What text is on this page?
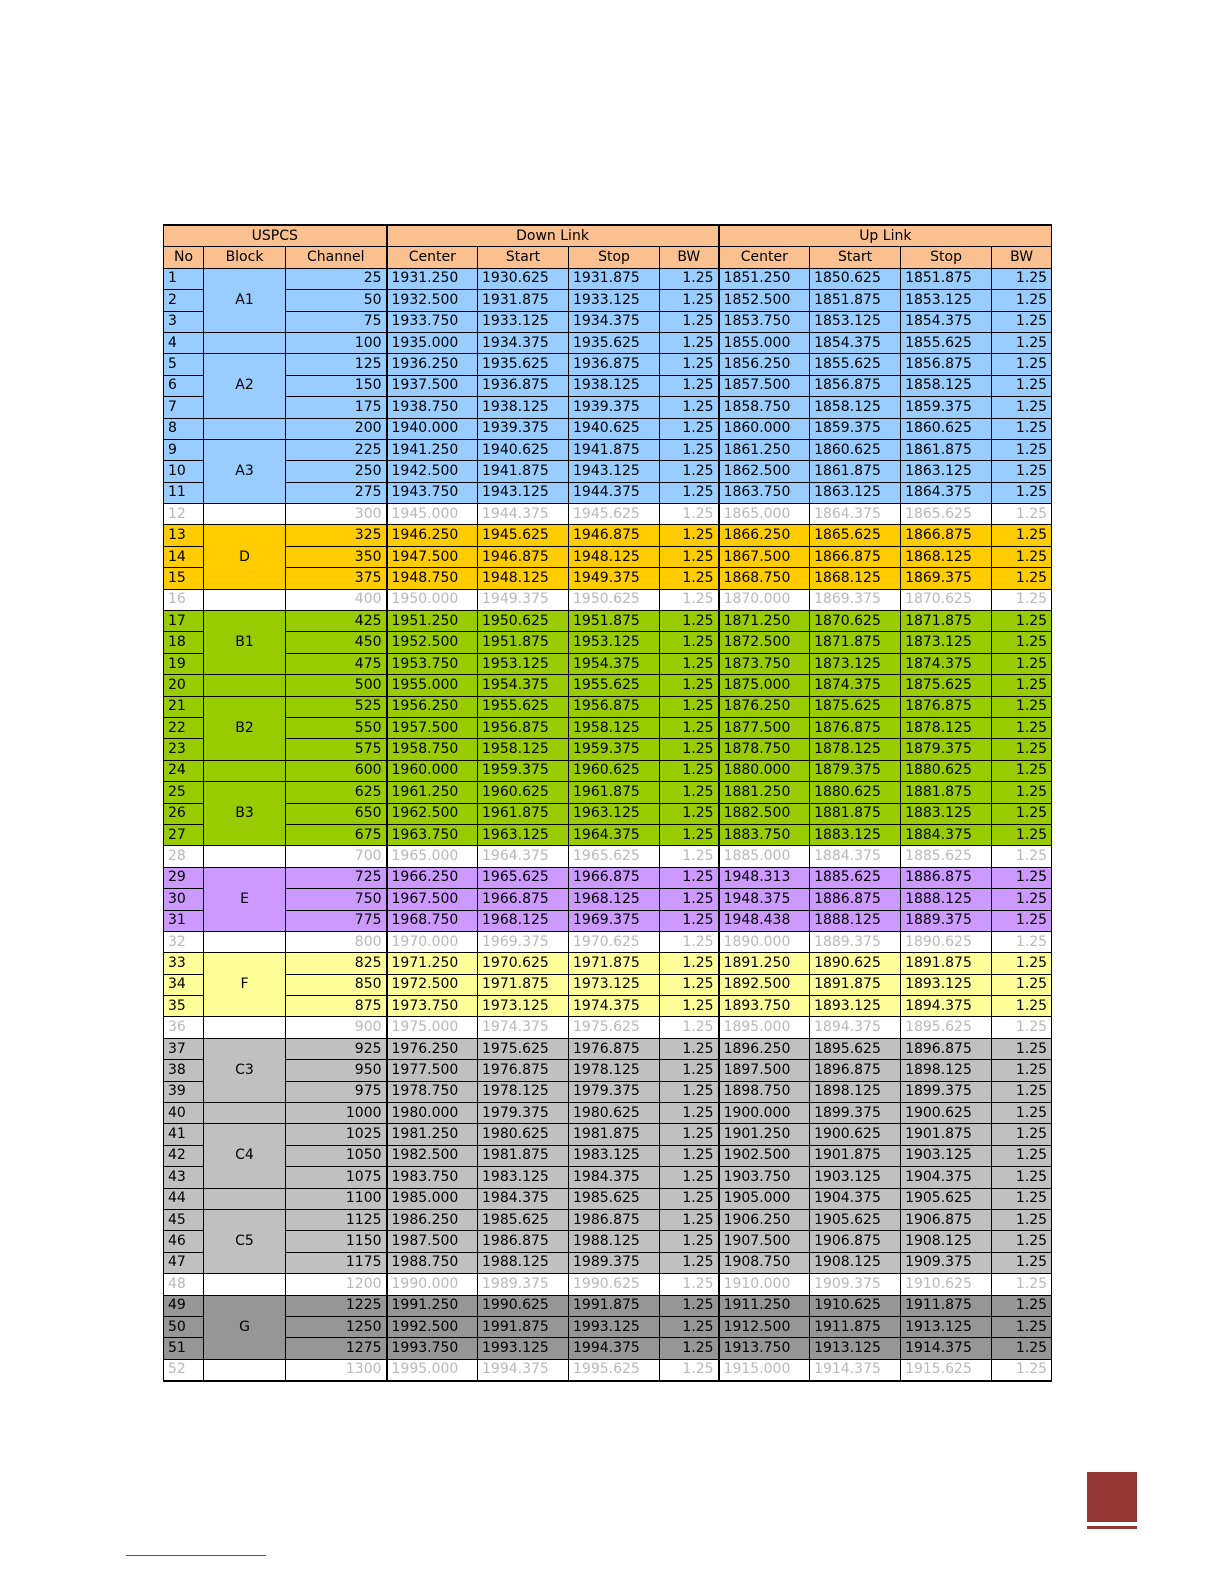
USPCS			Down Link				Up Link			
No	Block	Channel	Center	Start	Stop	BW	Center	Start	Stop	BW
1	A1	25	1931.250	1930.625	1931.875	1.25	1851.250	1850.625	1851.875	1.25
2		50	1932.500	1931.875	1933.125	1.25	1852.500	1851.875	1853.125	1.25
3		75	1933.750	1933.125	1934.375	1.25	1853.750	1853.125	1854.375	1.25
4		100	1935.000	1934.375	1935.625	1.25	1855.000	1854.375	1855.625	1.25
5	A2	125	1936.250	1935.625	1936.875	1.25	1856.250	1855.625	1856.875	1.25
6		150	1937.500	1936.875	1938.125	1.25	1857.500	1856.875	1858.125	1.25
7		175	1938.750	1938.125	1939.375	1.25	1858.750	1858.125	1859.375	1.25
8		200	1940.000	1939.375	1940.625	1.25	1860.000	1859.375	1860.625	1.25
9	A3	225	1941.250	1940.625	1941.875	1.25	1861.250	1860.625	1861.875	1.25
10		250	1942.500	1941.875	1943.125	1.25	1862.500	1861.875	1863.125	1.25
11		275	1943.750	1943.125	1944.375	1.25	1863.750	1863.125	1864.375	1.25
12		300	1945.000	1944.375	1945.625	1.25	1865.000	1864.375	1865.625	1.25
13	D	325	1946.250	1945.625	1946.875	1.25	1866.250	1865.625	1866.875	1.25
14		350	1947.500	1946.875	1948.125	1.25	1867.500	1866.875	1868.125	1.25
15		375	1948.750	1948.125	1949.375	1.25	1868.750	1868.125	1869.375	1.25
16		400	1950.000	1949.375	1950.625	1.25	1870.000	1869.375	1870.625	1.25
17	B1	425	1951.250	1950.625	1951.875	1.25	1871.250	1870.625	1871.875	1.25
18		450	1952.500	1951.875	1953.125	1.25	1872.500	1871.875	1873.125	1.25
19		475	1953.750	1953.125	1954.375	1.25	1873.750	1873.125	1874.375	1.25
20		500	1955.000	1954.375	1955.625	1.25	1875.000	1874.375	1875.625	1.25
21	B2	525	1956.250	1955.625	1956.875	1.25	1876.250	1875.625	1876.875	1.25
22		550	1957.500	1956.875	1958.125	1.25	1877.500	1876.875	1878.125	1.25
23		575	1958.750	1958.125	1959.375	1.25	1878.750	1878.125	1879.375	1.25
24		600	1960.000	1959.375	1960.625	1.25	1880.000	1879.375	1880.625	1.25
25	B3	625	1961.250	1960.625	1961.875	1.25	1881.250	1880.625	1881.875	1.25
26		650	1962.500	1961.875	1963.125	1.25	1882.500	1881.875	1883.125	1.25
27		675	1963.750	1963.125	1964.375	1.25	1883.750	1883.125	1884.375	1.25
28		700	1965.000	1964.375	1965.625	1.25	1885.000	1884.375	1885.625	1.25
29	E	725	1966.250	1965.625	1966.875	1.25	1948.313	1885.625	1886.875	1.25
30		750	1967.500	1966.875	1968.125	1.25	1948.375	1886.875	1888.125	1.25
31		775	1968.750	1968.125	1969.375	1.25	1948.438	1888.125	1889.375	1.25
32		800	1970.000	1969.375	1970.625	1.25	1890.000	1889.375	1890.625	1.25
33	F	825	1971.250	1970.625	1971.875	1.25	1891.250	1890.625	1891.875	1.25
34		850	1972.500	1971.875	1973.125	1.25	1892.500	1891.875	1893.125	1.25
35		875	1973.750	1973.125	1974.375	1.25	1893.750	1893.125	1894.375	1.25
36		900	1975.000	1974.375	1975.625	1.25	1895.000	1894.375	1895.625	1.25
37	C3	925	1976.250	1975.625	1976.875	1.25	1896.250	1895.625	1896.875	1.25
38		950	1977.500	1976.875	1978.125	1.25	1897.500	1896.875	1898.125	1.25
39		975	1978.750	1978.125	1979.375	1.25	1898.750	1898.125	1899.375	1.25
40		1000	1980.000	1979.375	1980.625	1.25	1900.000	1899.375	1900.625	1.25
41	C4	1025	1981.250	1980.625	1981.875	1.25	1901.250	1900.625	1901.875	1.25
42		1050	1982.500	1981.875	1983.125	1.25	1902.500	1901.875	1903.125	1.25
43		1075	1983.750	1983.125	1984.375	1.25	1903.750	1903.125	1904.375	1.25
44		1100	1985.000	1984.375	1985.625	1.25	1905.000	1904.375	1905.625	1.25
45	C5	1125	1986.250	1985.625	1986.875	1.25	1906.250	1905.625	1906.875	1.25
46		1150	1987.500	1986.875	1988.125	1.25	1907.500	1906.875	1908.125	1.25
47		1175	1988.750	1988.125	1989.375	1.25	1908.750	1908.125	1909.375	1.25
48		1200	1990.000	1989.375	1990.625	1.25	1910.000	1909.375	1910.625	1.25
49	G	1225	1991.250	1990.625	1991.875	1.25	1911.250	1910.625	1911.875	1.25
50		1250	1992.500	1991.875	1993.125	1.25	1912.500	1911.875	1913.125	1.25
51		1275	1993.750	1993.125	1994.375	1.25	1913.750	1913.125	1914.375	1.25
52		1300	1995.000	1994.375	1995.625	1.25	1915.000	1914.375	1915.625	1.25
